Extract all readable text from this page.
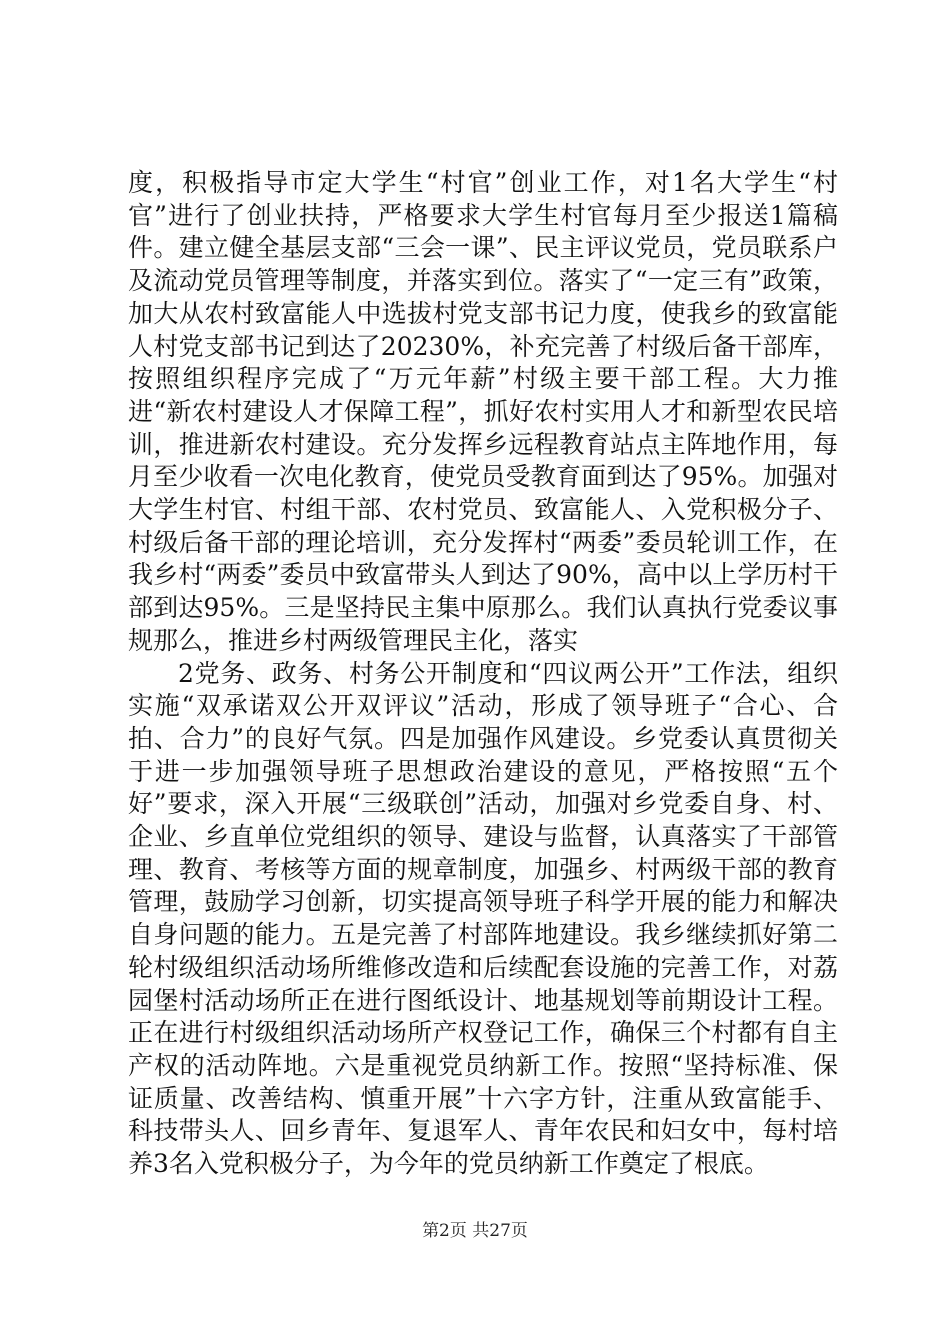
度，积极指导市定大学生“村官”创业工作，对1名大学生“村官”进行了创业扶持，严格要求大学生村官每月至少报送1篇稿件。建立健全基层支部“三会一课”、民主评议党员，党员联系户及流动党员管理等制度，并落实到位。落实了“一定三有”政策，加大从农村致富能人中选拔村党支部书记力度，使我乡的致富能人村党支部书记到达了20230%，补充完善了村级后备干部库，按照组织程序完成了“万元年薪”村级主要干部工程。大力推进“新农村建设人才保障工程”，抓好农村实用人才和新型农民培训，推进新农村建设。充分发挥乡远程教育站点主阵地作用，每月至少收看一次电化教育，使党员受教育面到达了95%。加强对大学生村官、村组干部、农村党员、致富能人、入党积极分子、村级后备干部的理论培训，充分发挥村“两委”委员轮训工作，在我乡村“两委”委员中致富带头人到达了90%，高中以上学历村干部到达95%。三是坚持民主集中原那么。我们认真执行党委议事规那么，推进乡村两级管理民主化，落实

2党务、政务、村务公开制度和“四议两公开”工作法，组织实施“双承诺双公开双评议”活动，形成了领导班子“合心、合拍、合力”的良好气氛。四是加强作风建设。乡党委认真贯彻关于进一步加强领导班子思想政治建设的意见，严格按照“五个好”要求，深入开展“三级联创”活动，加强对乡党委自身、村、企业、乡直单位党组织的领导、建设与监督，认真落实了干部管理、教育、考核等方面的规章制度，加强乡、村两级干部的教育管理，鼓励学习创新，切实提高领导班子科学开展的能力和解决自身问题的能力。五是完善了村部阵地建设。我乡继续抓好第二轮村级组织活动场所维修改造和后续配套设施的完善工作，对荔园堡村活动场所正在进行图纸设计、地基规划等前期设计工程。正在进行村级组织活动场所产权登记工作，确保三个村都有自主产权的活动阵地。六是重视党员纳新工作。按照“坚持标准、保证质量、改善结构、慎重开展”十六字方针，注重从致富能手、科技带头人、回乡青年、复退军人、青年农民和妇女中，每村培养3名入党积极分子，为今年的党员纳新工作奠定了根底。

第2页 共27页
